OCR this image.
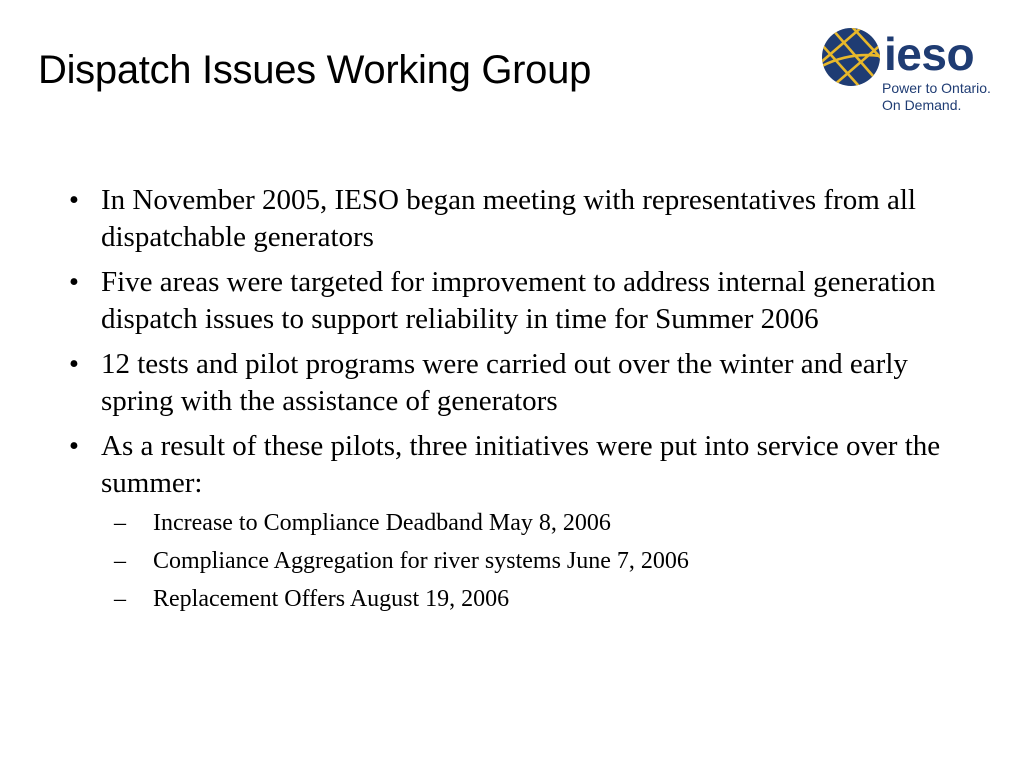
Dispatch Issues Working Group	ieso
Power to Ontario.
On Demand.
• In November 2005, IESO began meeting with representatives from all dispatchable generators
• Five areas were targeted for improvement to address internal generation dispatch issues to support reliability in time for Summer 2006
• 12 tests and pilot programs were carried out over the winter and early spring with the assistance of generators
• As a result of these pilots, three initiatives were put into service over the summer:
– Increase to Compliance Deadband May 8, 2006
– Compliance Aggregation for river systems June 7, 2006
– Replacement Offers August 19, 2006
